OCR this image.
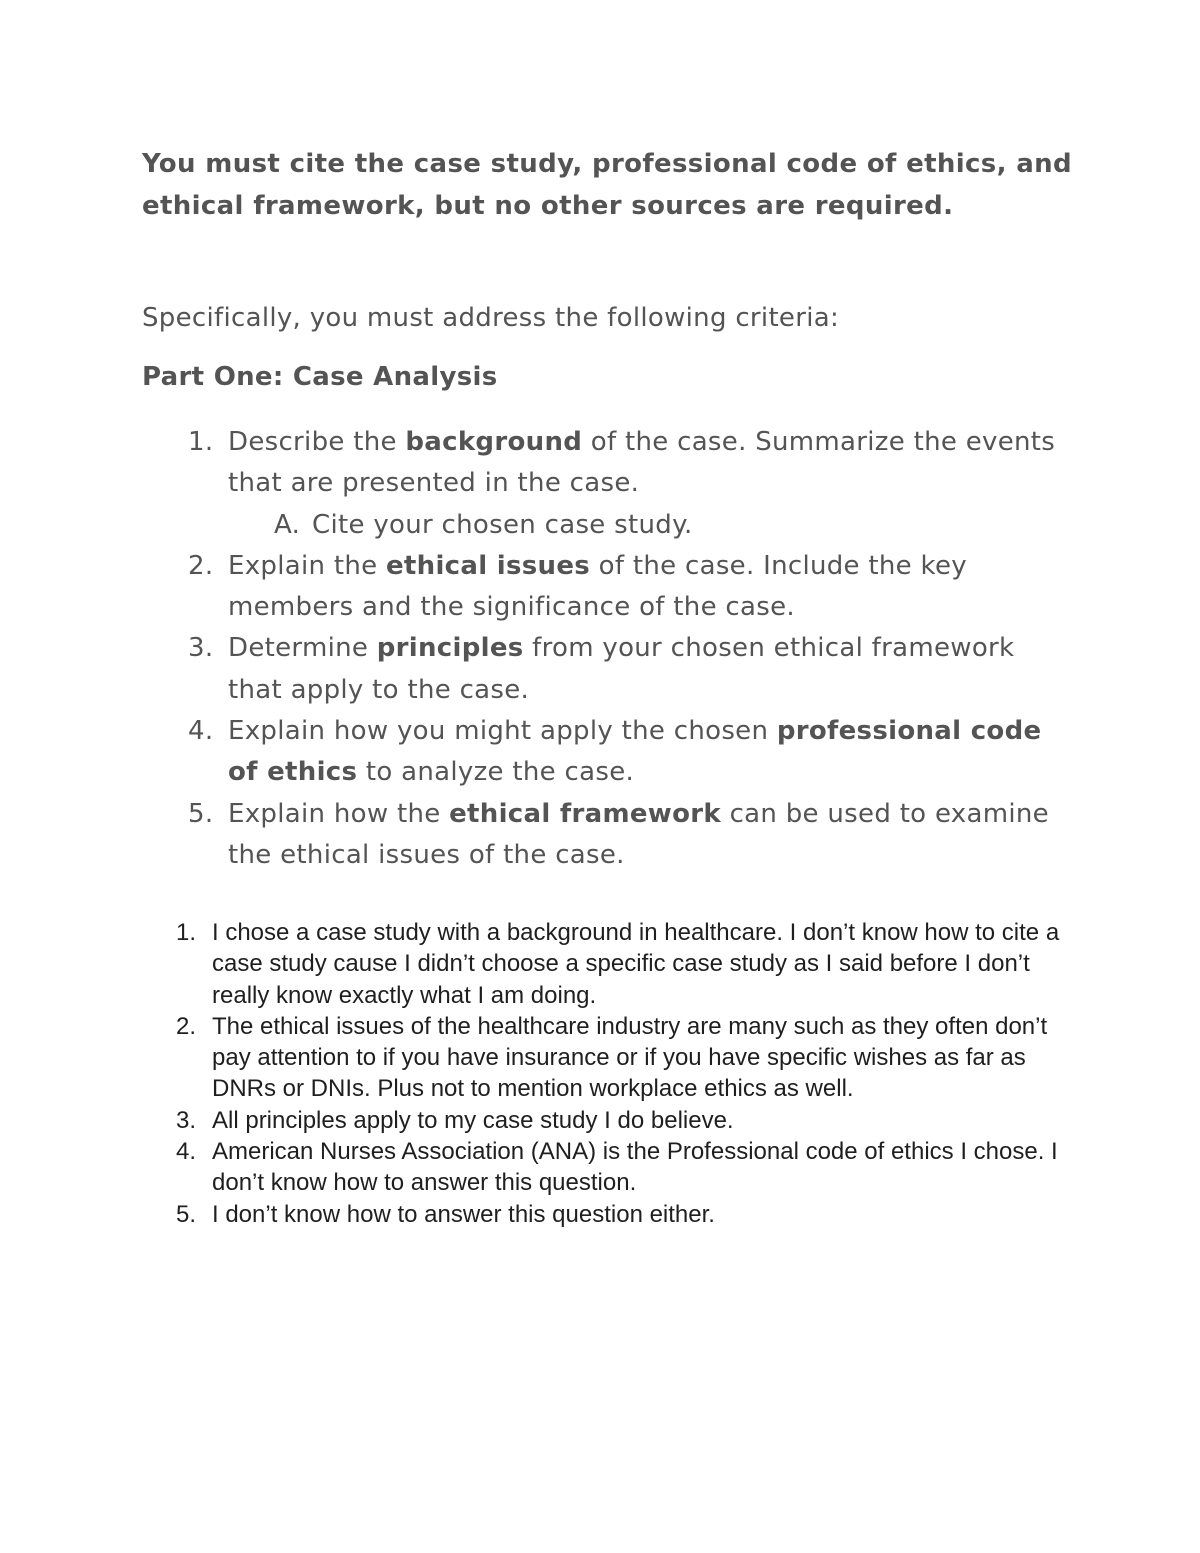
You must cite the case study, professional code of ethics, and ethical framework, but no other sources are required.

Specifically, you must address the following criteria:

Part One: Case Analysis

1. Describe the background of the case. Summarize the events that are presented in the case.
A. Cite your chosen case study.
2. Explain the ethical issues of the case. Include the key members and the significance of the case.
3. Determine principles from your chosen ethical framework that apply to the case.
4. Explain how you might apply the chosen professional code of ethics to analyze the case.
5. Explain how the ethical framework can be used to examine the ethical issues of the case.
1. I chose a case study with a background in healthcare. I don’t know how to cite a case study cause I didn’t choose a specific case study as I said before I don’t really know exactly what I am doing.
2. The ethical issues of the healthcare industry are many such as they often don’t pay attention to if you have insurance or if you have specific wishes as far as DNRs or DNIs. Plus not to mention workplace ethics as well.
3. All principles apply to my case study I do believe.
4. American Nurses Association (ANA) is the Professional code of ethics I chose. I don’t know how to answer this question.
5. I don’t know how to answer this question either.
